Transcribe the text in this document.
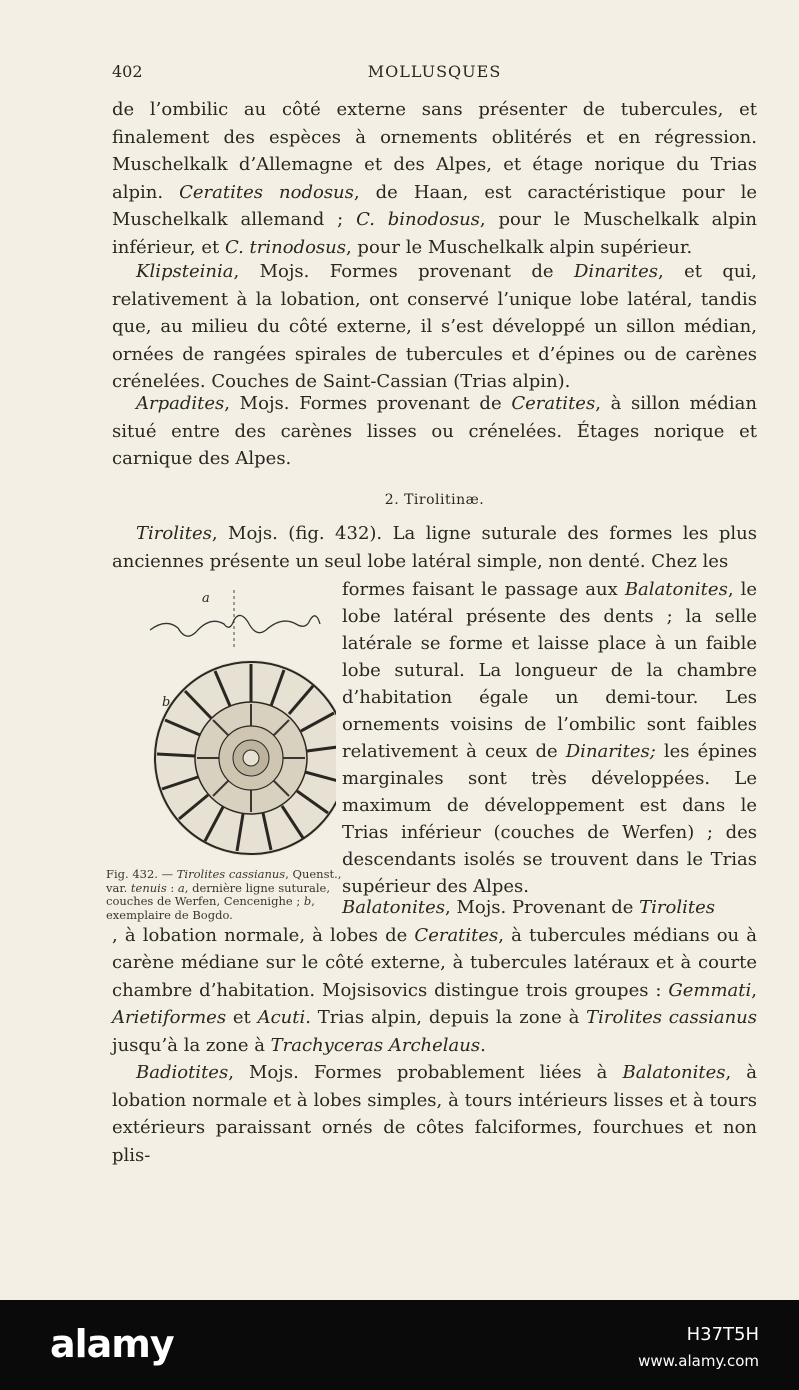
402	MOLLUSQUES

de l’ombilic au côté externe sans présenter de tubercules, et finalement des espèces à ornements oblitérés et en régression. Muschelkalk d’Allemagne et des Alpes, et étage norique du Trias alpin. Ceratites nodosus, de Haan, est caractéristique pour le Muschelkalk allemand ; C. binodosus, pour le Muschelkalk alpin inférieur, et C. trinodosus, pour le Muschelkalk alpin supérieur.

Klipsteinia, Mojs. Formes provenant de Dinarites, et qui, relativement à la lobation, ont conservé l’unique lobe latéral, tandis que, au milieu du côté externe, il s’est développé un sillon médian, ornées de rangées spirales de tubercules et d’épines ou de carènes crénelées. Couches de Saint-Cassian (Trias alpin).

Arpadites, Mojs. Formes provenant de Ceratites, à sillon médian situé entre des carènes lisses ou crénelées. Étages norique et carnique des Alpes.

2. Tirolitinæ.

Tirolites, Mojs. (fig. 432). La ligne suturale des formes les plus anciennes présente un seul lobe latéral simple, non denté. Chez les

a
b
Fig. 432. — Tirolites cassianus, Quenst., var. tenuis : a, dernière ligne suturale, couches de Werfen, Cencenighe ; b, exemplaire de Bogdo.

formes faisant le passage aux Balatonites, le lobe latéral présente des dents ; la selle latérale se forme et laisse place à un faible lobe sutural. La longueur de la chambre d’habitation égale un demi-tour. Les ornements voisins de l’ombilic sont faibles relativement à ceux de Dinarites; les épines marginales sont très développées. Le maximum de développement est dans le Trias inférieur (couches de Werfen) ; des descendants isolés se trouvent dans le Trias supérieur des Alpes.

Balatonites, Mojs. Provenant de Tirolites
, à lobation normale, à lobes de Ceratites, à tubercules médians ou à carène médiane sur le côté externe, à tubercules latéraux et à courte chambre d’habitation. Mojsisovics distingue trois groupes : Gemmati, Arietiformes et Acuti. Trias alpin, depuis la zone à Tirolites cassianus jusqu’à la zone à Trachyceras Archelaus.

Badiotites, Mojs. Formes probablement liées à Balatonites, à lobation normale et à lobes simples, à tours intérieurs lisses et à tours extérieurs paraissant ornés de côtes falciformes, fourchues et non plis-

alamy	H37T5H
www.alamy.com
